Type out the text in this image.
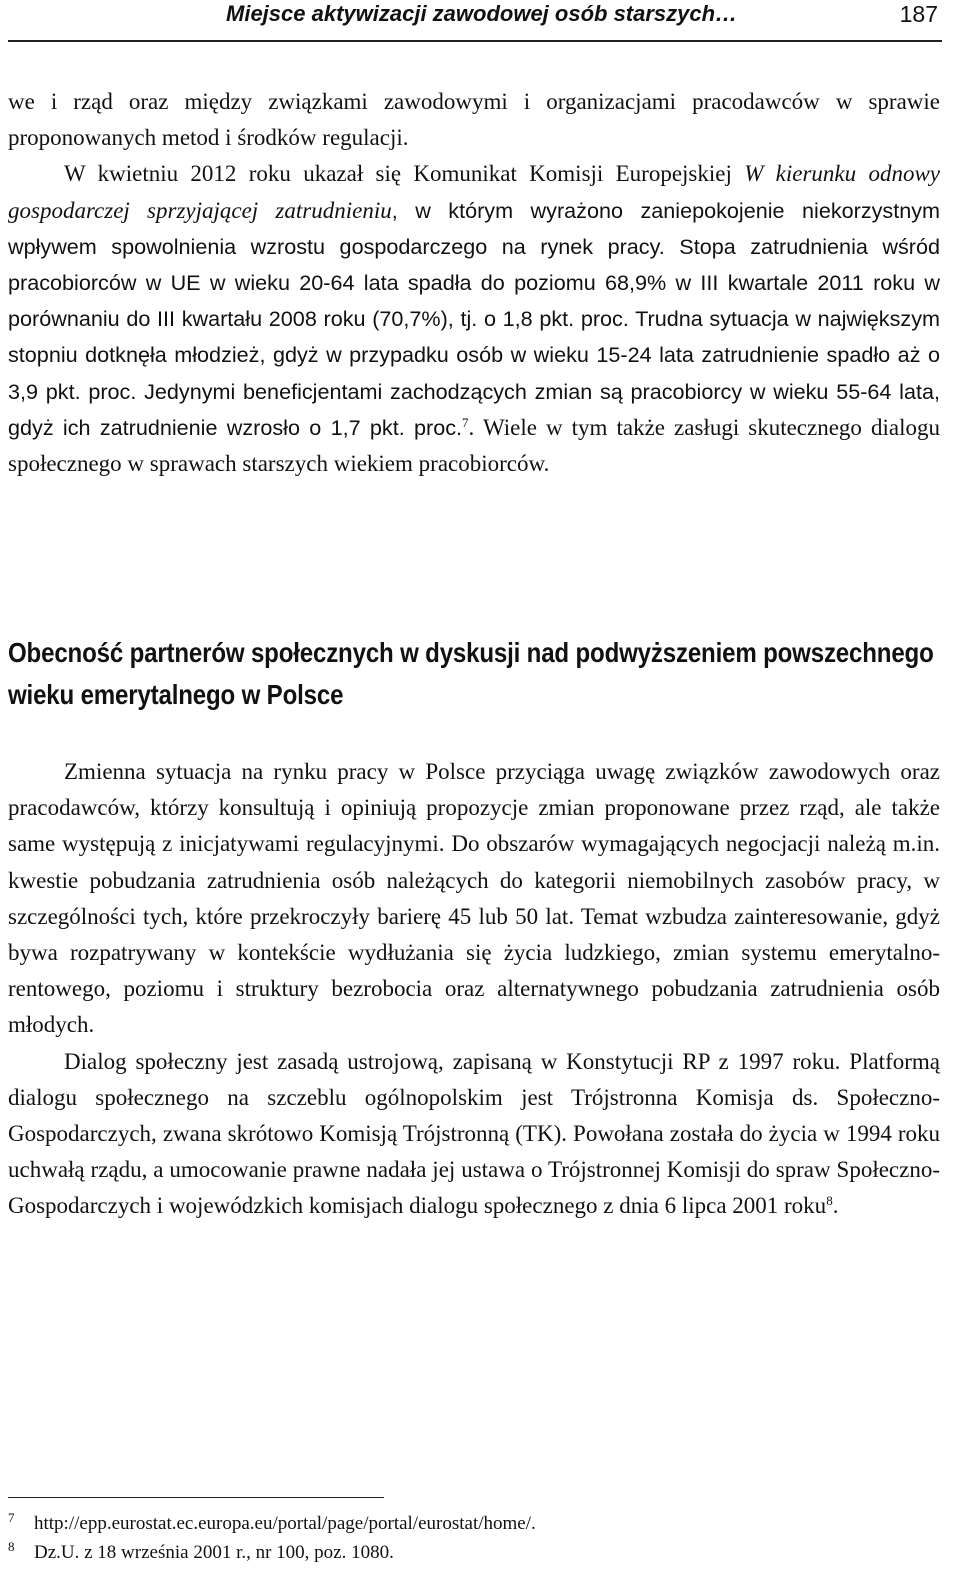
Miejsce aktywizacji zawodowej osób starszych…	187

we i rząd oraz między związkami zawodowymi i organizacjami pracodawców w sprawie proponowanych metod i środków regulacji.

W kwietniu 2012 roku ukazał się Komunikat Komisji Europejskiej W kierunku odnowy gospodarczej sprzyjającej zatrudnieniu, w którym wyrażono zaniepokojenie niekorzystnym wpływem spowolnienia wzrostu gospodarczego na rynek pracy. Stopa zatrudnienia wśród pracobiorców w UE w wieku 20-64 lata spadła do poziomu 68,9% w III kwartale 2011 roku w porównaniu do III kwartału 2008 roku (70,7%), tj. o 1,8 pkt. proc. Trudna sytuacja w największym stopniu dotknęła młodzież, gdyż w przypadku osób w wieku 15-24 lata zatrudnienie spadło aż o 3,9 pkt. proc. Jedynymi beneficjentami zachodzących zmian są pracobiorcy w wieku 55-64 lata, gdyż ich zatrudnienie wzrosło o 1,7 pkt. proc.$^7$. Wiele w tym także zasługi skutecznego dialogu społecznego w sprawach starszych wiekiem pracobiorców.

Obecność partnerów społecznych w dyskusji nad podwyższeniem powszechnego wieku emerytalnego w Polsce

Zmienna sytuacja na rynku pracy w Polsce przyciąga uwagę związków zawodowych oraz pracodawców, którzy konsultują i opiniują propozycje zmian proponowane przez rząd, ale także same występują z inicjatywami regulacyjnymi. Do obszarów wymagających negocjacji należą m.in. kwestie pobudzania zatrudnienia osób należących do kategorii niemobilnych zasobów pracy, w szczególności tych, które przekroczyły barierę 45 lub 50 lat. Temat wzbudza zainteresowanie, gdyż bywa rozpatrywany w kontekście wydłużania się życia ludzkiego, zmian systemu emerytalno-rentowego, poziomu i struktury bezrobocia oraz alternatywnego pobudzania zatrudnienia osób młodych.

Dialog społeczny jest zasadą ustrojową, zapisaną w Konstytucji RP z 1997 roku. Platformą dialogu społecznego na szczeblu ogólnopolskim jest Trójstronna Komisja ds. Społeczno-Gospodarczych, zwana skrótowo Komisją Trójstronną (TK). Powołana została do życia w 1994 roku uchwałą rządu, a umocowanie prawne nadała jej ustawa o Trójstronnej Komisji do spraw Społeczno-Gospodarczych i wojewódzkich komisjach dialogu społecznego z dnia 6 lipca 2001 roku$^8$.

7 http://epp.eurostat.ec.europa.eu/portal/page/portal/eurostat/home/.
8 Dz.U. z 18 września 2001 r., nr 100, poz. 1080.
